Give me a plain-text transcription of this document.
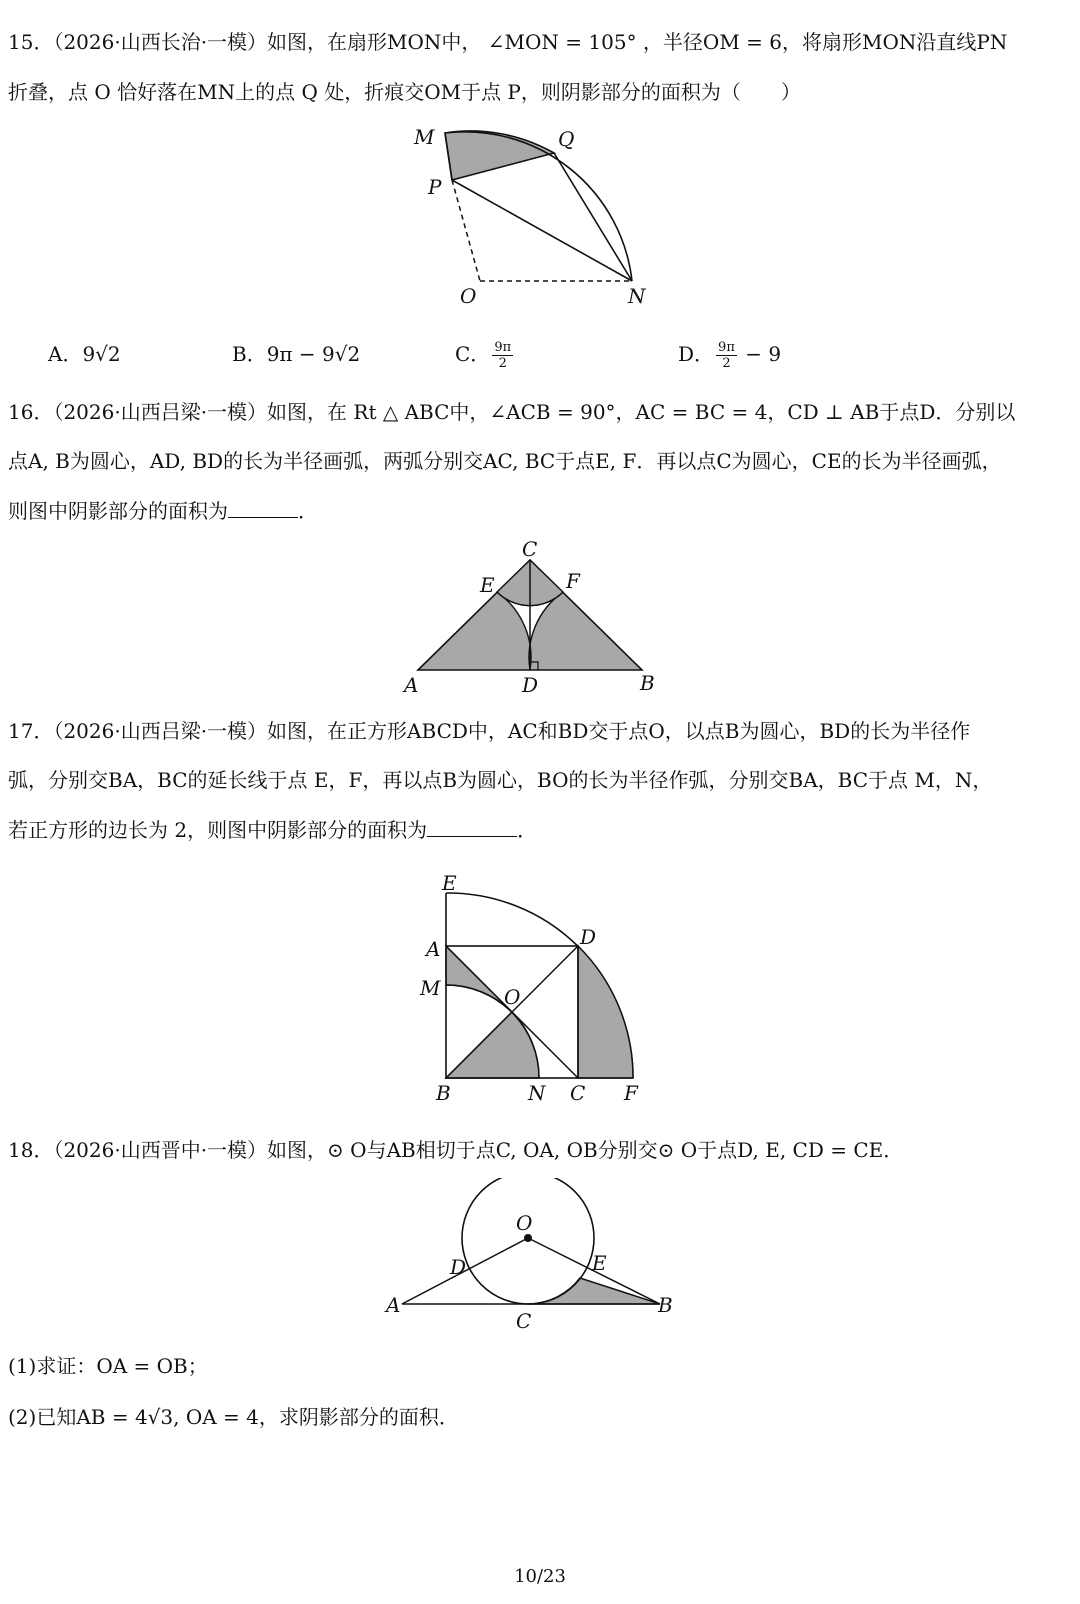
15．（2026·山西长治·一模）如图，在扇形MON中， ∠MON = 105° ，半径OM = 6，将扇形MON沿直线PN
折叠，点 O 恰好落在MN上的点 Q 处，折痕交OM于点 P，则阴影部分的面积为（　　）
M	Q
P
O	N
A．9√2	B．9π − 9√2	C． $\frac{9\pi}{2}$	D． $\frac{9\pi}{2} - 9$
16．（2026·山西吕梁·一模）如图，在 Rt △ ABC中，∠ACB = 90°，AC = BC = 4，CD ⊥ AB于点D．分别以
点A, B为圆心，AD, BD的长为半径画弧，两弧分别交AC, BC于点E, F．再以点C为圆心，CE的长为半径画弧，
则图中阴影部分的面积为	．
C
E	F
A	D	B
17．（2026·山西吕梁·一模）如图，在正方形ABCD中，AC和BD交于点O，以点B为圆心，BD的长为半径作
弧，分别交BA，BC的延长线于点 E，F，再以点B为圆心，BO的长为半径作弧，分别交BA，BC于点 M，N，
若正方形的边长为 2，则图中阴影部分的面积为	．
E
A	D
M	O
B	N C F
18．（2026·山西晋中·一模）如图，⊙ O与AB相切于点C, OA, OB分别交⊙ O于点D, E, CD = CE．
O
D	E
A
C
B
(1)求证：OA = OB；
(2)已知AB = 4√3, OA = 4，求阴影部分的面积．
10/23
